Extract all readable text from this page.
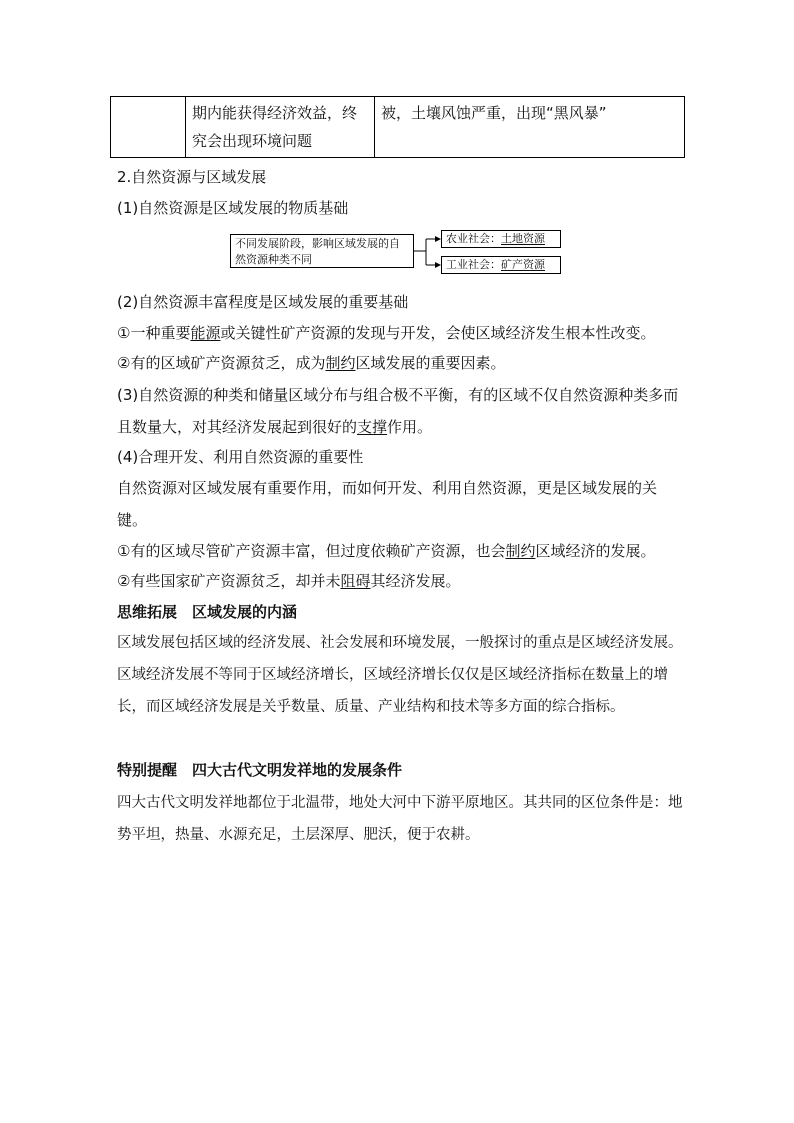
	期内能获得经济效益，终究会出现环境问题	被，土壤风蚀严重，出现“黑风暴”
2.自然资源与区域发展
(1)自然资源是区域发展的物质基础
不同发展阶段，影响区域发展的自然资源种类不同
农业社会：土地资源
工业社会：矿产资源
(2)自然资源丰富程度是区域发展的重要基础
①一种重要能源或关键性矿产资源的发现与开发，会使区域经济发生根本性改变。
②有的区域矿产资源贫乏，成为制约区域发展的重要因素。
(3)自然资源的种类和储量区域分布与组合极不平衡，有的区域不仅自然资源种类多而且数量大，对其经济发展起到很好的支撑作用。
(4)合理开发、利用自然资源的重要性
自然资源对区域发展有重要作用，而如何开发、利用自然资源，更是区域发展的关键。
①有的区域尽管矿产资源丰富，但过度依赖矿产资源，也会制约区域经济的发展。
②有些国家矿产资源贫乏，却并未阻碍其经济发展。
思维拓展　区域发展的内涵
区域发展包括区域的经济发展、社会发展和环境发展，一般探讨的重点是区域经济发展。区域经济发展不等同于区域经济增长，区域经济增长仅仅是区域经济指标在数量上的增长，而区域经济发展是关乎数量、质量、产业结构和技术等多方面的综合指标。
特别提醒　四大古代文明发祥地的发展条件
四大古代文明发祥地都位于北温带，地处大河中下游平原地区。其共同的区位条件是：地势平坦，热量、水源充足，土层深厚、肥沃，便于农耕。
